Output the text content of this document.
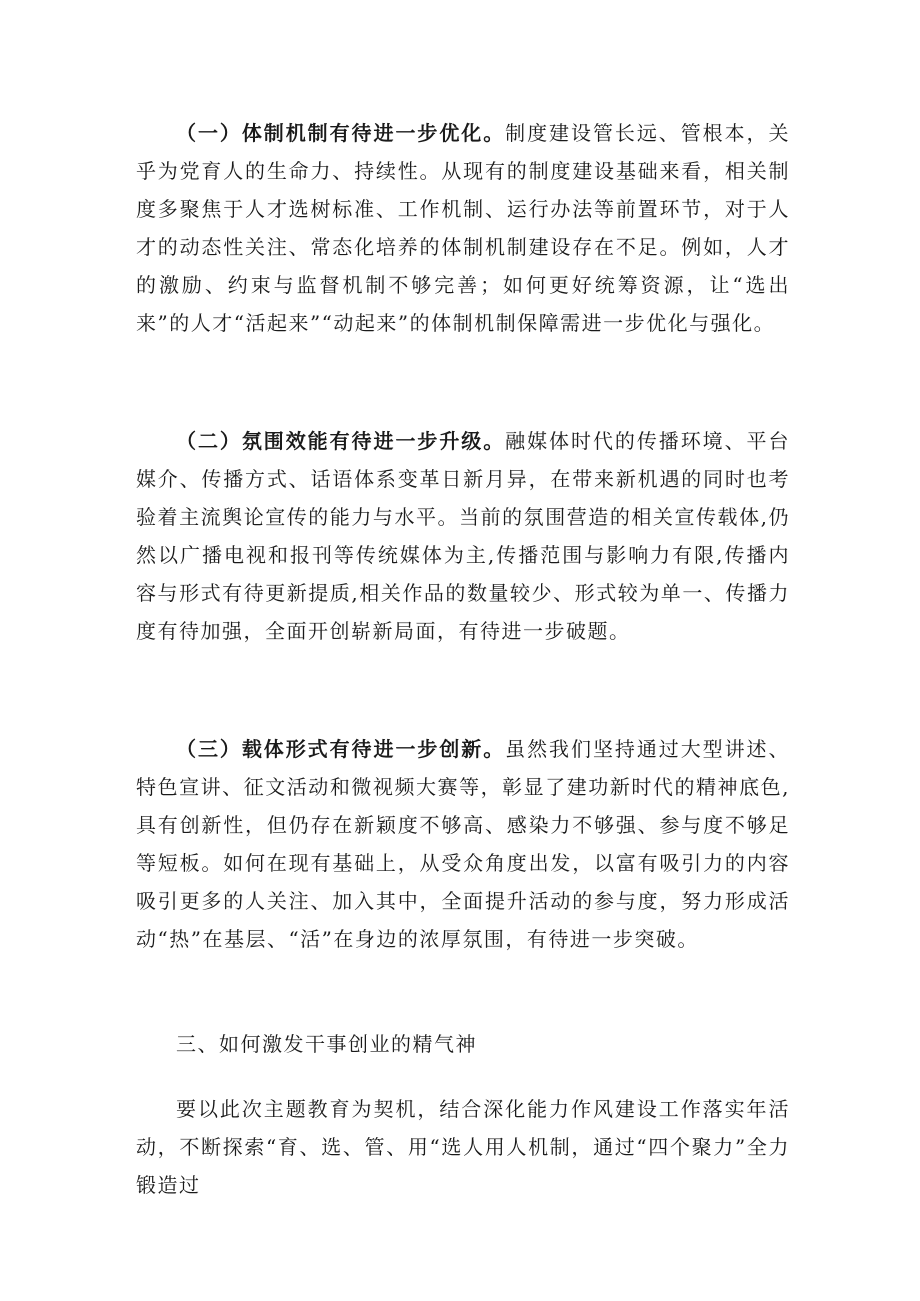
（一）体制机制有待进一步优化。制度建设管长远、管根本，关乎为党育人的生命力、持续性。从现有的制度建设基础来看，相关制度多聚焦于人才选树标准、工作机制、运行办法等前置环节，对于人才的动态性关注、常态化培养的体制机制建设存在不足。例如，人才的激励、约束与监督机制不够完善；如何更好统筹资源，让“选出来”的人才“活起来”“动起来”的体制机制保障需进一步优化与强化。

（二）氛围效能有待进一步升级。融媒体时代的传播环境、平台媒介、传播方式、话语体系变革日新月异，在带来新机遇的同时也考验着主流舆论宣传的能力与水平。当前的氛围营造的相关宣传载体,仍然以广播电视和报刊等传统媒体为主,传播范围与影响力有限,传播内容与形式有待更新提质,相关作品的数量较少、形式较为单一、传播力度有待加强，全面开创崭新局面，有待进一步破题。

（三）载体形式有待进一步创新。虽然我们坚持通过大型讲述、特色宣讲、征文活动和微视频大赛等，彰显了建功新时代的精神底色,具有创新性，但仍存在新颖度不够高、感染力不够强、参与度不够足等短板。如何在现有基础上，从受众角度出发，以富有吸引力的内容吸引更多的人关注、加入其中，全面提升活动的参与度，努力形成活动“热”在基层、“活”在身边的浓厚氛围，有待进一步突破。

三、如何激发干事创业的精气神

要以此次主题教育为契机，结合深化能力作风建设工作落实年活动，不断探索“育、选、管、用“选人用人机制，通过“四个聚力”全力锻造过
